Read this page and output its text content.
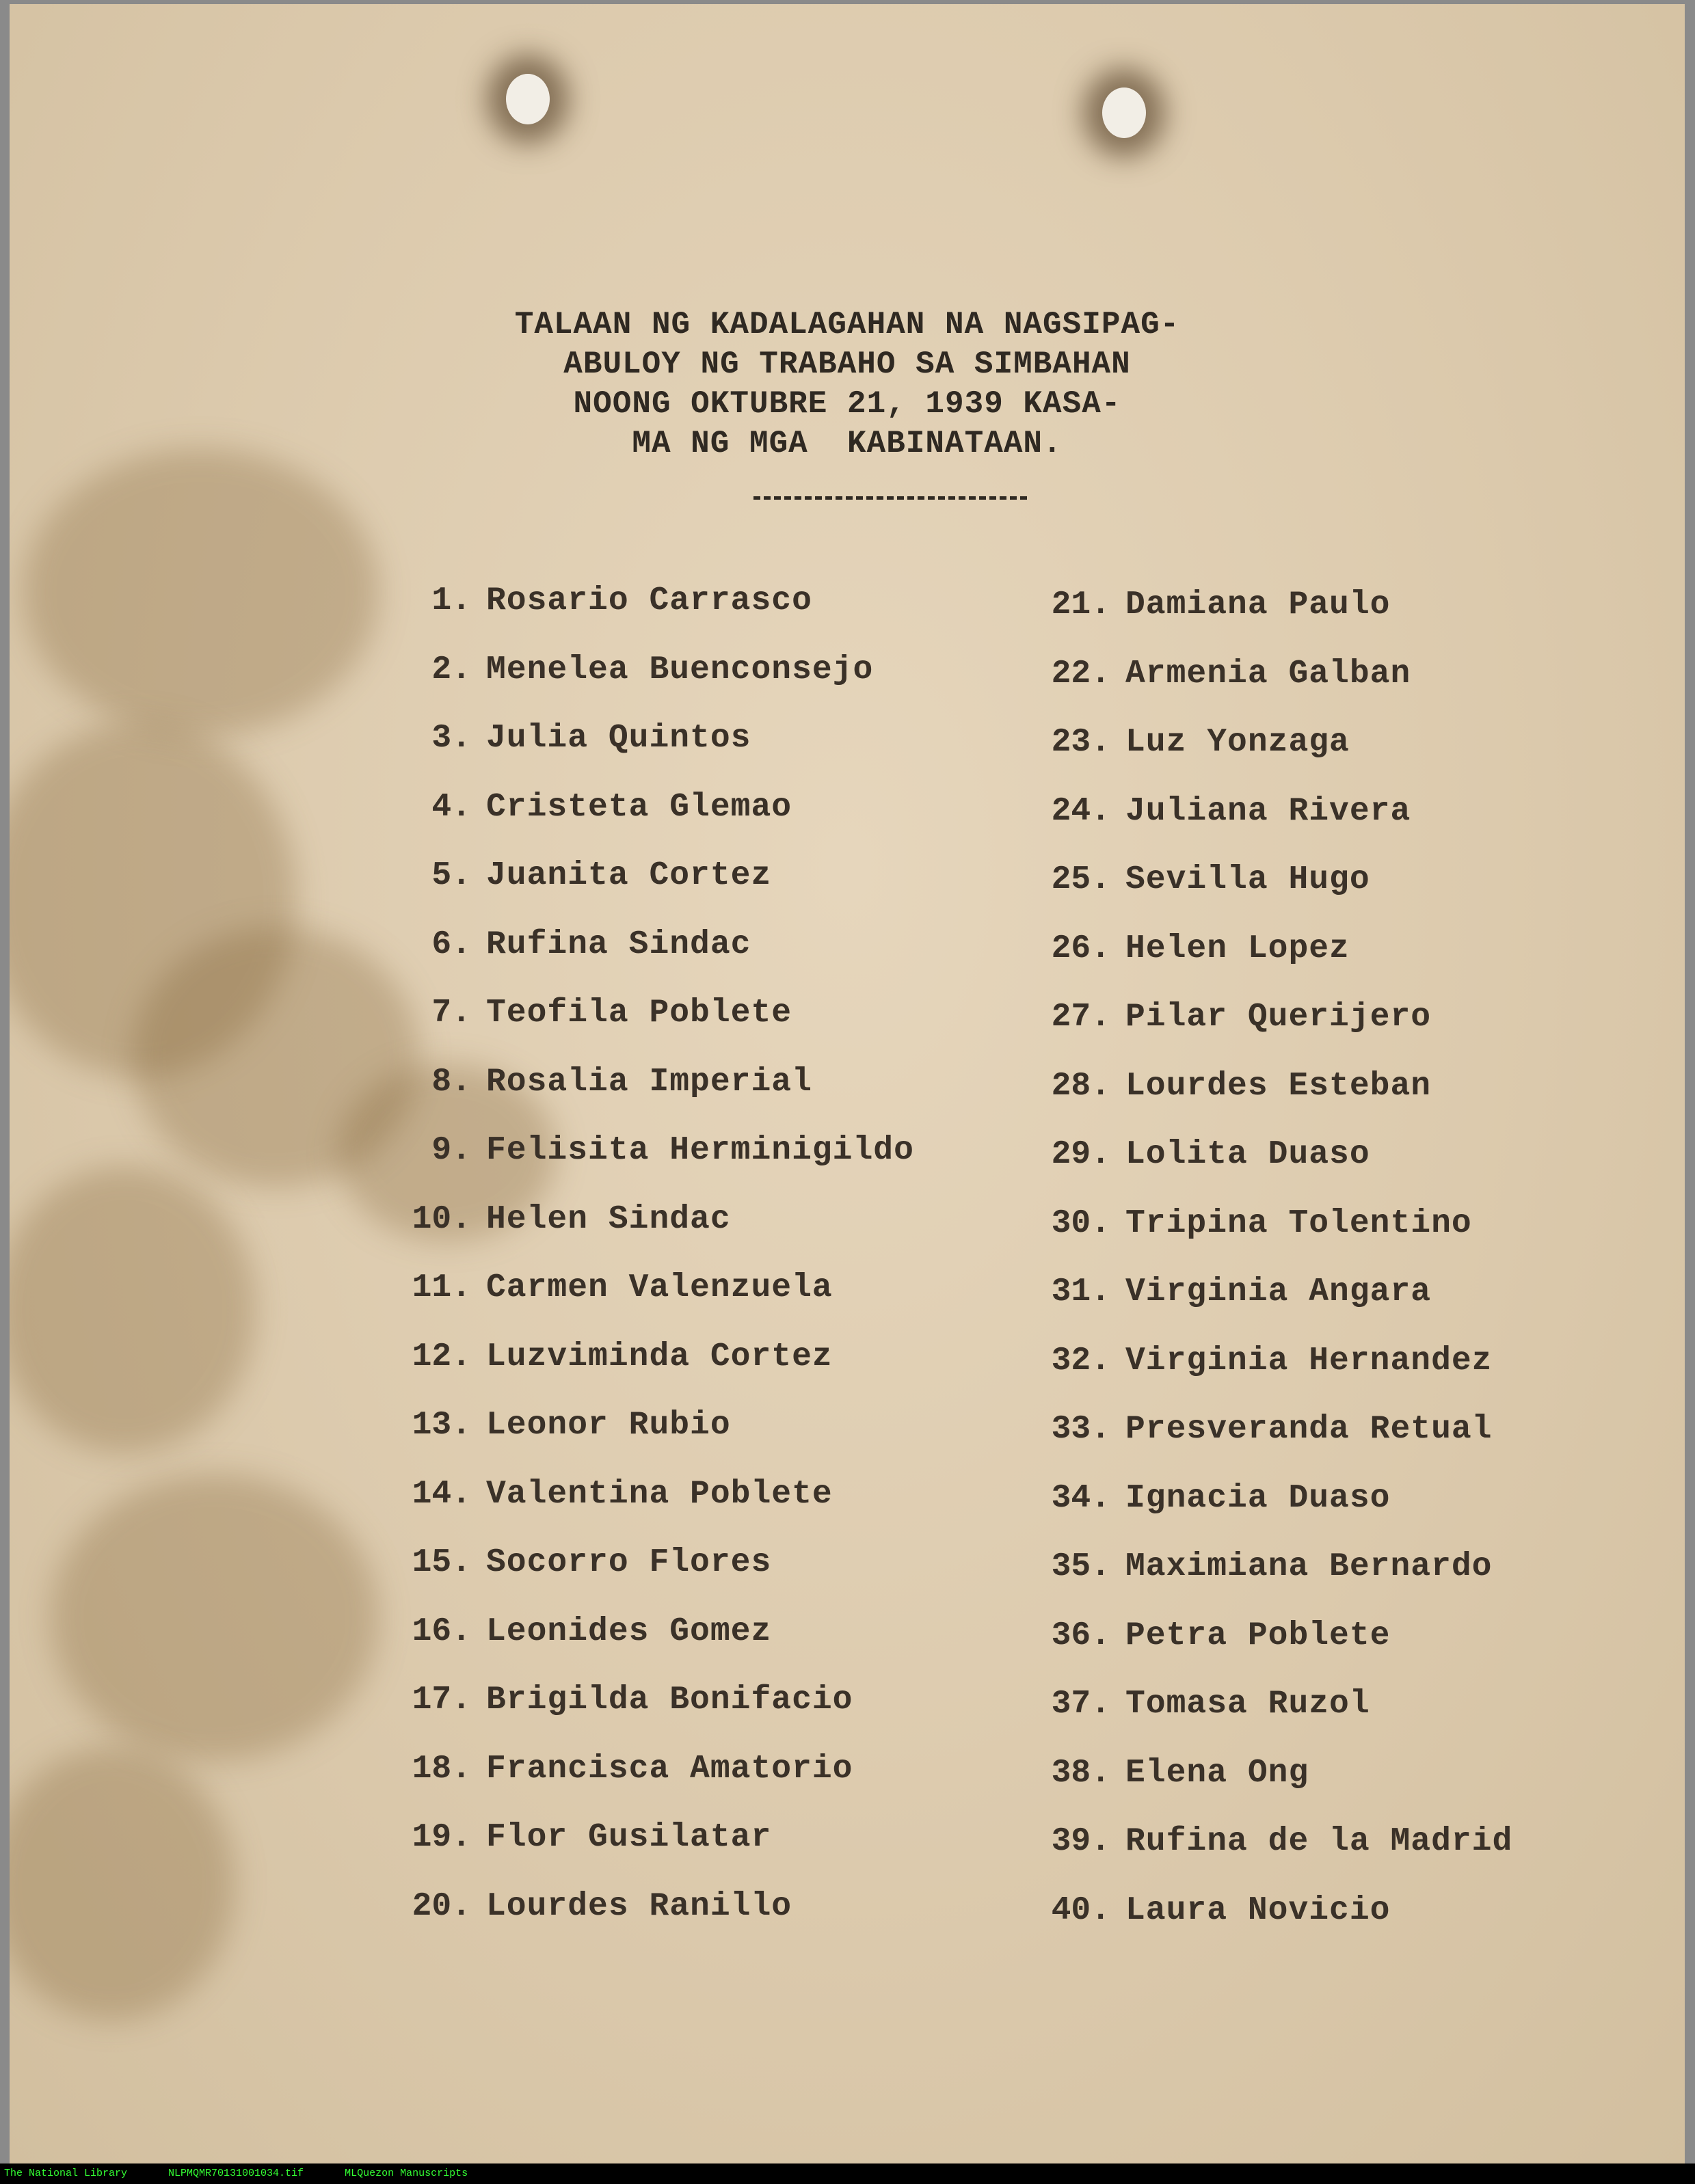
TALAAN NG KADALAGAHAN NA NAGSIPAG-
ABULOY NG TRABAHO SA SIMBAHAN
NOONG OKTUBRE 21, 1939 KASA-
MA NG MGA  KABINATAAN.
1. Rosario Carrasco
2. Menelea Buenconsejo
3. Julia Quintos
4. Cristeta Glemao
5. Juanita Cortez
6. Rufina Sindac
7. Teofila Poblete
8. Rosalia Imperial
9. Felisita Herminigildo
10. Helen Sindac
11. Carmen Valenzuela
12. Luzviminda Cortez
13. Leonor Rubio
14. Valentina Poblete
15. Socorro Flores
16. Leonides Gomez
17. Brigilda Bonifacio
18. Francisca Amatorio
19. Flor Gusilatar
20. Lourdes Ranillo
21. Damiana Paulo
22. Armenia Galban
23. Luz Yonzaga
24. Juliana Rivera
25. Sevilla Hugo
26. Helen Lopez
27. Pilar Querijero
28. Lourdes Esteban
29. Lolita Duaso
30. Tripina Tolentino
31. Virginia Angara
32. Virginia Hernandez
33. Presveranda Retual
34. Ignacia Duaso
35. Maximiana Bernardo
36. Petra Poblete
37. Tomasa Ruzol
38. Elena Ong
39. Rufina de la Madrid
40. Laura Novicio
The National Library	NLPMQMR70131001034.tif	MLQuezon Manuscripts
